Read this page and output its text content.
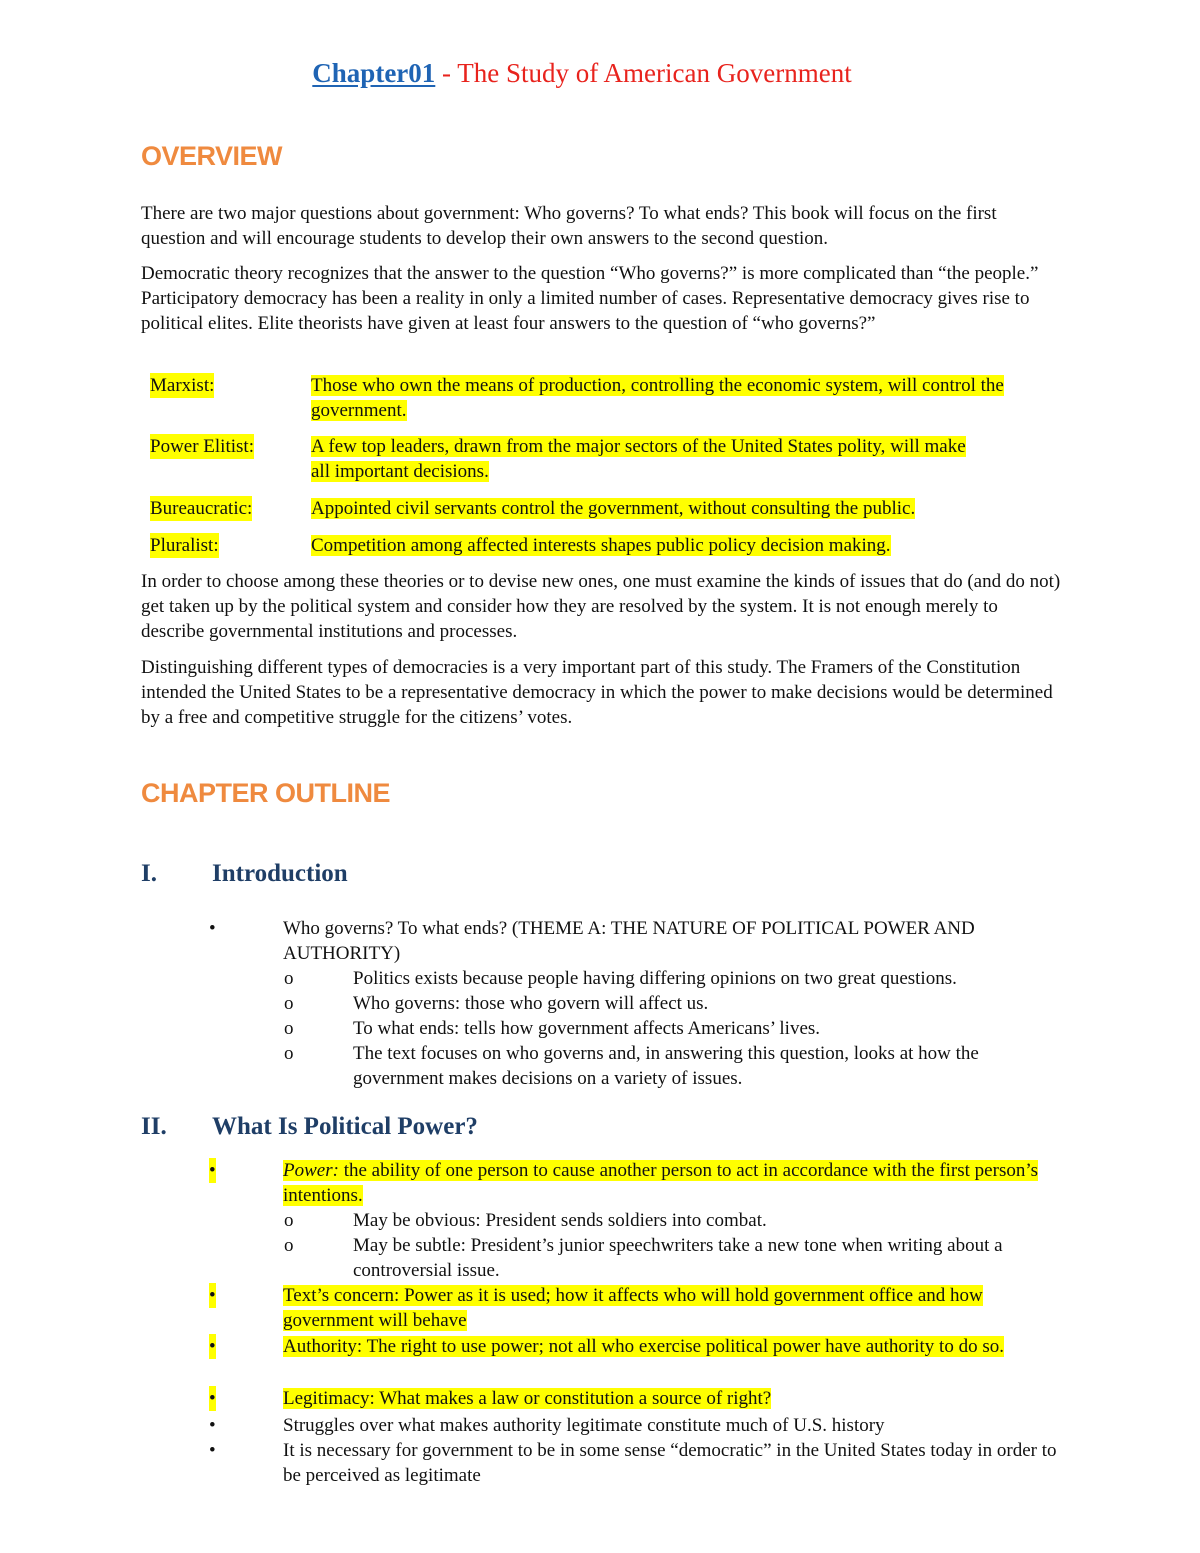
Chapter01 - The Study of American Government
OVERVIEW

There are two major questions about government: Who governs? To what ends? This book will focus on the first question and will encourage students to develop their own answers to the second question.

Democratic theory recognizes that the answer to the question “Who governs?” is more complicated than “the people.” Participatory democracy has been a reality in only a limited number of cases. Representative democracy gives rise to political elites. Elite theorists have given at least four answers to the question of “who governs?”

Marxist:	Those who own the means of production, controlling the economic system, will control the government.
Power Elitist:	A few top leaders, drawn from the major sectors of the United States polity, will make all important decisions.
Bureaucratic:	Appointed civil servants control the government, without consulting the public.
Pluralist:	Competition among affected interests shapes public policy decision making.

In order to choose among these theories or to devise new ones, one must examine the kinds of issues that do (and do not) get taken up by the political system and consider how they are resolved by the system. It is not enough merely to describe governmental institutions and processes.

Distinguishing different types of democracies is a very important part of this study. The Framers of the Constitution intended the United States to be a representative democracy in which the power to make decisions would be determined by a free and competitive struggle for the citizens’ votes.

CHAPTER OUTLINE
I. Introduction
•	Who governs? To what ends? (THEME A: THE NATURE OF POLITICAL POWER AND AUTHORITY)
o	Politics exists because people having differing opinions on two great questions.
o	Who governs: those who govern will affect us.
o	To what ends: tells how government affects Americans’ lives.
o	The text focuses on who governs and, in answering this question, looks at how the government makes decisions on a variety of issues.
II. What Is Political Power?
•	Power: the ability of one person to cause another person to act in accordance with the first person’s intentions.
o	May be obvious: President sends soldiers into combat.
o	May be subtle: President’s junior speechwriters take a new tone when writing about a controversial issue.
•	Text’s concern: Power as it is used; how it affects who will hold government office and how government will behave
•	Authority: The right to use power; not all who exercise political power have authority to do so.
•	Legitimacy: What makes a law or constitution a source of right?
•	Struggles over what makes authority legitimate constitute much of U.S. history
•	It is necessary for government to be in some sense “democratic” in the United States today in order to be perceived as legitimate
